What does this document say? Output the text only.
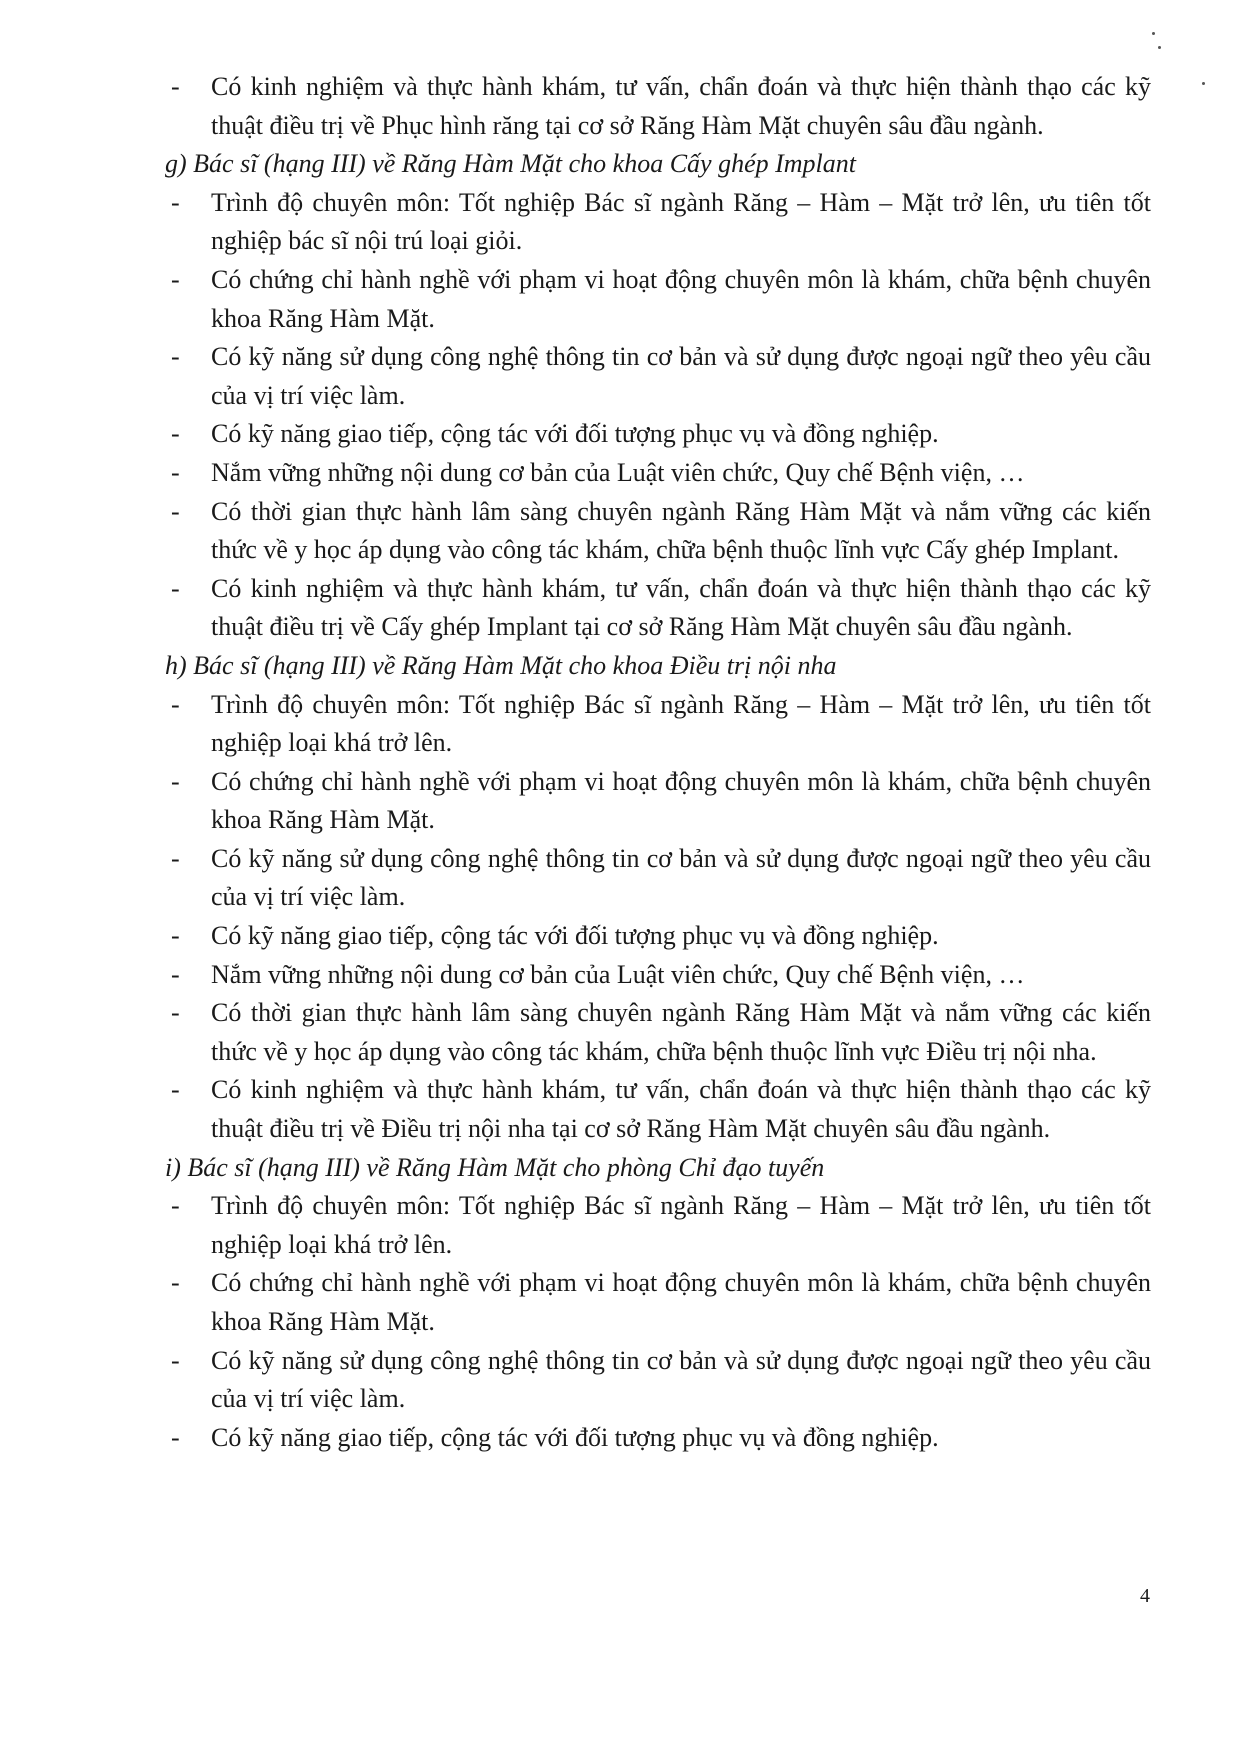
- Có kinh nghiệm và thực hành khám, tư vấn, chẩn đoán và thực hiện thành thạo các kỹ thuật điều trị về Phục hình răng tại cơ sở Răng Hàm Mặt chuyên sâu đầu ngành.
g) Bác sĩ (hạng III) về Răng Hàm Mặt cho khoa Cấy ghép Implant
- Trình độ chuyên môn: Tốt nghiệp Bác sĩ ngành Răng – Hàm – Mặt trở lên, ưu tiên tốt nghiệp bác sĩ nội trú loại giỏi.
- Có chứng chỉ hành nghề với phạm vi hoạt động chuyên môn là khám, chữa bệnh chuyên khoa Răng Hàm Mặt.
- Có kỹ năng sử dụng công nghệ thông tin cơ bản và sử dụng được ngoại ngữ theo yêu cầu của vị trí việc làm.
- Có kỹ năng giao tiếp, cộng tác với đối tượng phục vụ và đồng nghiệp.
- Nắm vững những nội dung cơ bản của Luật viên chức, Quy chế Bệnh viện, …
- Có thời gian thực hành lâm sàng chuyên ngành Răng Hàm Mặt và nắm vững các kiến thức về y học áp dụng vào công tác khám, chữa bệnh thuộc lĩnh vực Cấy ghép Implant.
- Có kinh nghiệm và thực hành khám, tư vấn, chẩn đoán và thực hiện thành thạo các kỹ thuật điều trị về Cấy ghép Implant tại cơ sở Răng Hàm Mặt chuyên sâu đầu ngành.
h) Bác sĩ (hạng III) về Răng Hàm Mặt cho khoa Điều trị nội nha
- Trình độ chuyên môn: Tốt nghiệp Bác sĩ ngành Răng – Hàm – Mặt trở lên, ưu tiên tốt nghiệp loại khá trở lên.
- Có chứng chỉ hành nghề với phạm vi hoạt động chuyên môn là khám, chữa bệnh chuyên khoa Răng Hàm Mặt.
- Có kỹ năng sử dụng công nghệ thông tin cơ bản và sử dụng được ngoại ngữ theo yêu cầu của vị trí việc làm.
- Có kỹ năng giao tiếp, cộng tác với đối tượng phục vụ và đồng nghiệp.
- Nắm vững những nội dung cơ bản của Luật viên chức, Quy chế Bệnh viện, …
- Có thời gian thực hành lâm sàng chuyên ngành Răng Hàm Mặt và nắm vững các kiến thức về y học áp dụng vào công tác khám, chữa bệnh thuộc lĩnh vực Điều trị nội nha.
- Có kinh nghiệm và thực hành khám, tư vấn, chẩn đoán và thực hiện thành thạo các kỹ thuật điều trị về Điều trị nội nha tại cơ sở Răng Hàm Mặt chuyên sâu đầu ngành.
i) Bác sĩ (hạng III) về Răng Hàm Mặt cho phòng Chỉ đạo tuyến
- Trình độ chuyên môn: Tốt nghiệp Bác sĩ ngành Răng – Hàm – Mặt trở lên, ưu tiên tốt nghiệp loại khá trở lên.
- Có chứng chỉ hành nghề với phạm vi hoạt động chuyên môn là khám, chữa bệnh chuyên khoa Răng Hàm Mặt.
- Có kỹ năng sử dụng công nghệ thông tin cơ bản và sử dụng được ngoại ngữ theo yêu cầu của vị trí việc làm.
- Có kỹ năng giao tiếp, cộng tác với đối tượng phục vụ và đồng nghiệp.
4
